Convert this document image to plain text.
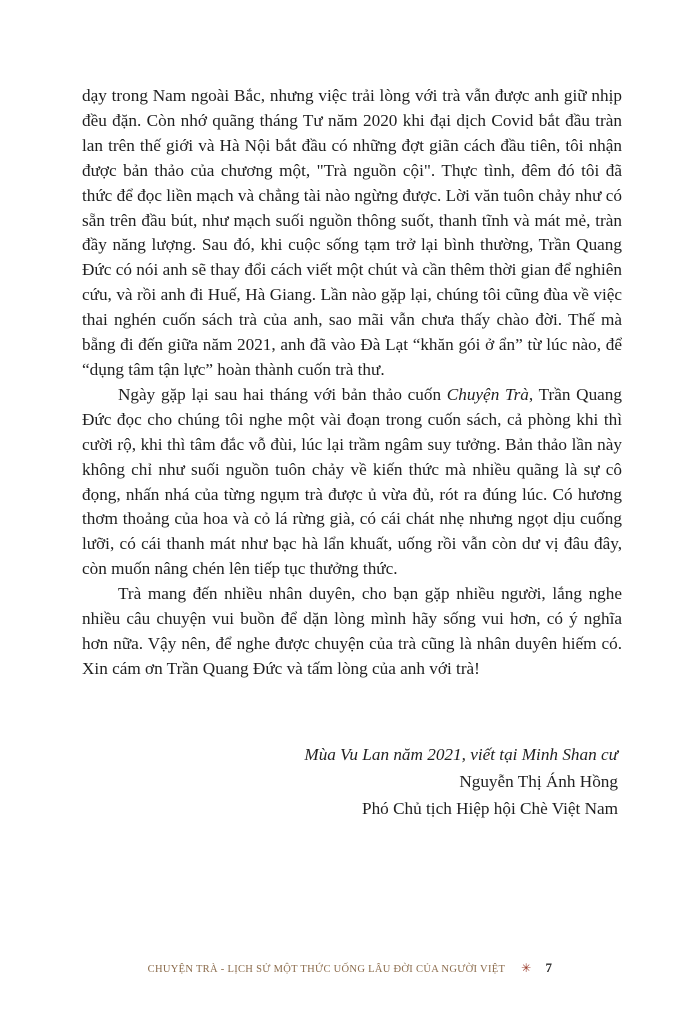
dạy trong Nam ngoài Bắc, nhưng việc trải lòng với trà vẫn được anh giữ nhịp đều đặn. Còn nhớ quãng tháng Tư năm 2020 khi đại dịch Covid bắt đầu tràn lan trên thế giới và Hà Nội bắt đầu có những đợt giãn cách đầu tiên, tôi nhận được bản thảo của chương một, "Trà nguồn cội". Thực tình, đêm đó tôi đã thức để đọc liền mạch và chẳng tài nào ngừng được. Lời văn tuôn chảy như có sẵn trên đầu bút, như mạch suối nguồn thông suốt, thanh tĩnh và mát mẻ, tràn đầy năng lượng. Sau đó, khi cuộc sống tạm trở lại bình thường, Trần Quang Đức có nói anh sẽ thay đổi cách viết một chút và cần thêm thời gian để nghiên cứu, và rồi anh đi Huế, Hà Giang. Lần nào gặp lại, chúng tôi cũng đùa về việc thai nghén cuốn sách trà của anh, sao mãi vẫn chưa thấy chào đời. Thế mà bẵng đi đến giữa năm 2021, anh đã vào Đà Lạt “khăn gói ở ẩn” từ lúc nào, để “dụng tâm tận lực” hoàn thành cuốn trà thư.

Ngày gặp lại sau hai tháng với bản thảo cuốn Chuyện Trà, Trần Quang Đức đọc cho chúng tôi nghe một vài đoạn trong cuốn sách, cả phòng khi thì cười rộ, khi thì tâm đắc vỗ đùi, lúc lại trầm ngâm suy tưởng. Bản thảo lần này không chỉ như suối nguồn tuôn chảy về kiến thức mà nhiều quãng là sự cô đọng, nhấn nhá của từng ngụm trà được ủ vừa đủ, rót ra đúng lúc. Có hương thơm thoảng của hoa và cỏ lá rừng già, có cái chát nhẹ nhưng ngọt dịu cuống lưỡi, có cái thanh mát như bạc hà lẩn khuất, uống rồi vẫn còn dư vị đâu đây, còn muốn nâng chén lên tiếp tục thưởng thức.

Trà mang đến nhiều nhân duyên, cho bạn gặp nhiều người, lắng nghe nhiều câu chuyện vui buồn để dặn lòng mình hãy sống vui hơn, có ý nghĩa hơn nữa. Vậy nên, để nghe được chuyện của trà cũng là nhân duyên hiếm có. Xin cám ơn Trần Quang Đức và tấm lòng của anh với trà!

Mùa Vu Lan năm 2021, viết tại Minh Shan cư
Nguyễn Thị Ánh Hồng
Phó Chủ tịch Hiệp hội Chè Việt Nam
CHUYỆN TRÀ - LỊCH SỬ MỘT THỨC UỐNG LÂU ĐỜI CỦA NGƯỜI VIỆT ✳ 7
